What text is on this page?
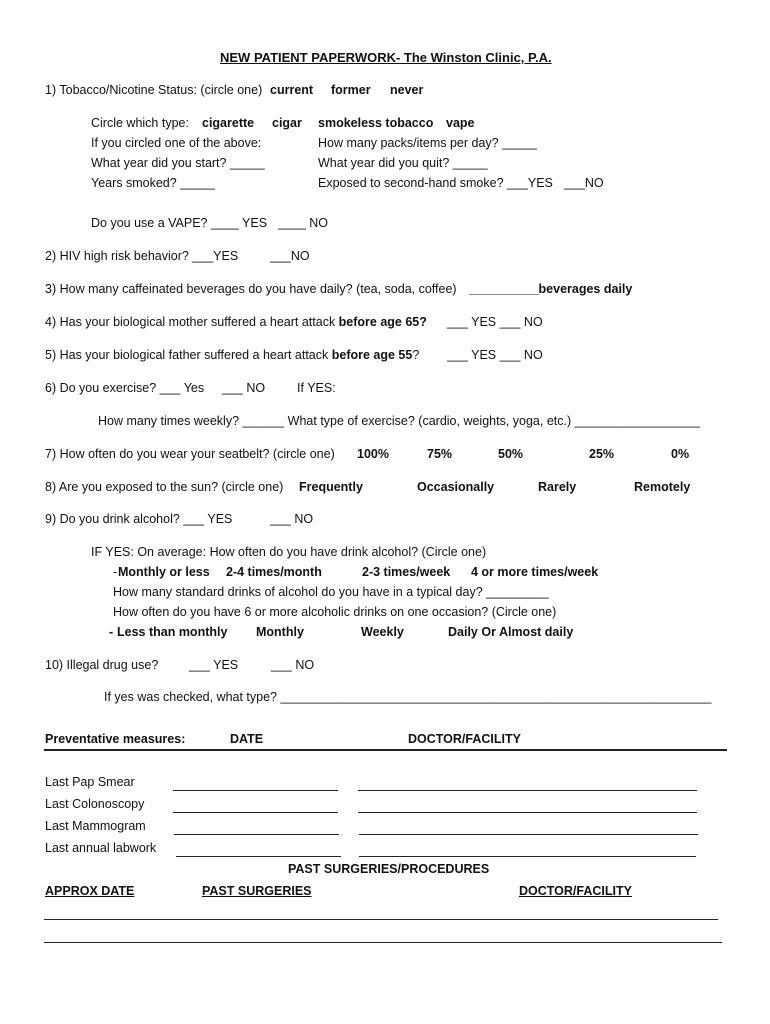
NEW PATIENT PAPERWORK- The Winston Clinic, P.A.
1) Tobacco/Nicotine Status: (circle one) current former never
Circle which type: cigarette cigar smokeless tobacco vape
If you circled one of the above:	How many packs/items per day? _____
What year did you start? _____	What year did you quit? _____
Years smoked? _____	Exposed to second-hand smoke? ___YES ___NO
Do you use a VAPE? ____ YES ____ NO
2) HIV high risk behavior? ___YES	___NO
3) How many caffeinated beverages do you have daily? (tea, soda, coffee) __________beverages daily
4) Has your biological mother suffered a heart attack before age 65? ___ YES ___ NO
5) Has your biological father suffered a heart attack before age 55? ___ YES ___ NO
6) Do you exercise? ___ Yes ___ NO	If YES:
How many times weekly? ______ What type of exercise? (cardio, weights, yoga, etc.) __________________
7) How often do you wear your seatbelt? (circle one) 100%	75%	50%	25%	0%
8) Are you exposed to the sun? (circle one) Frequently	Occasionally	Rarely	Remotely
9) Do you drink alcohol? ___ YES	___ NO
IF YES: On average: How often do you have drink alcohol? (Circle one)
- Monthly or less 2-4 times/month	2-3 times/week 4 or more times/week
How many standard drinks of alcohol do you have in a typical day? _________
How often do you have 6 or more alcoholic drinks on one occasion? (Circle one)
- Less than monthly Monthly	Weekly	Daily Or Almost daily
10) Illegal drug use? ___ YES	___ NO
If yes was checked, what type? ______________________________________________________________
Preventative measures:	DATE	DOCTOR/FACILITY
Last Pap Smear
Last Colonoscopy
Last Mammogram
Last annual labwork
PAST SURGERIES/PROCEDURES
APPROX DATE	PAST SURGERIES	DOCTOR/FACILITY
